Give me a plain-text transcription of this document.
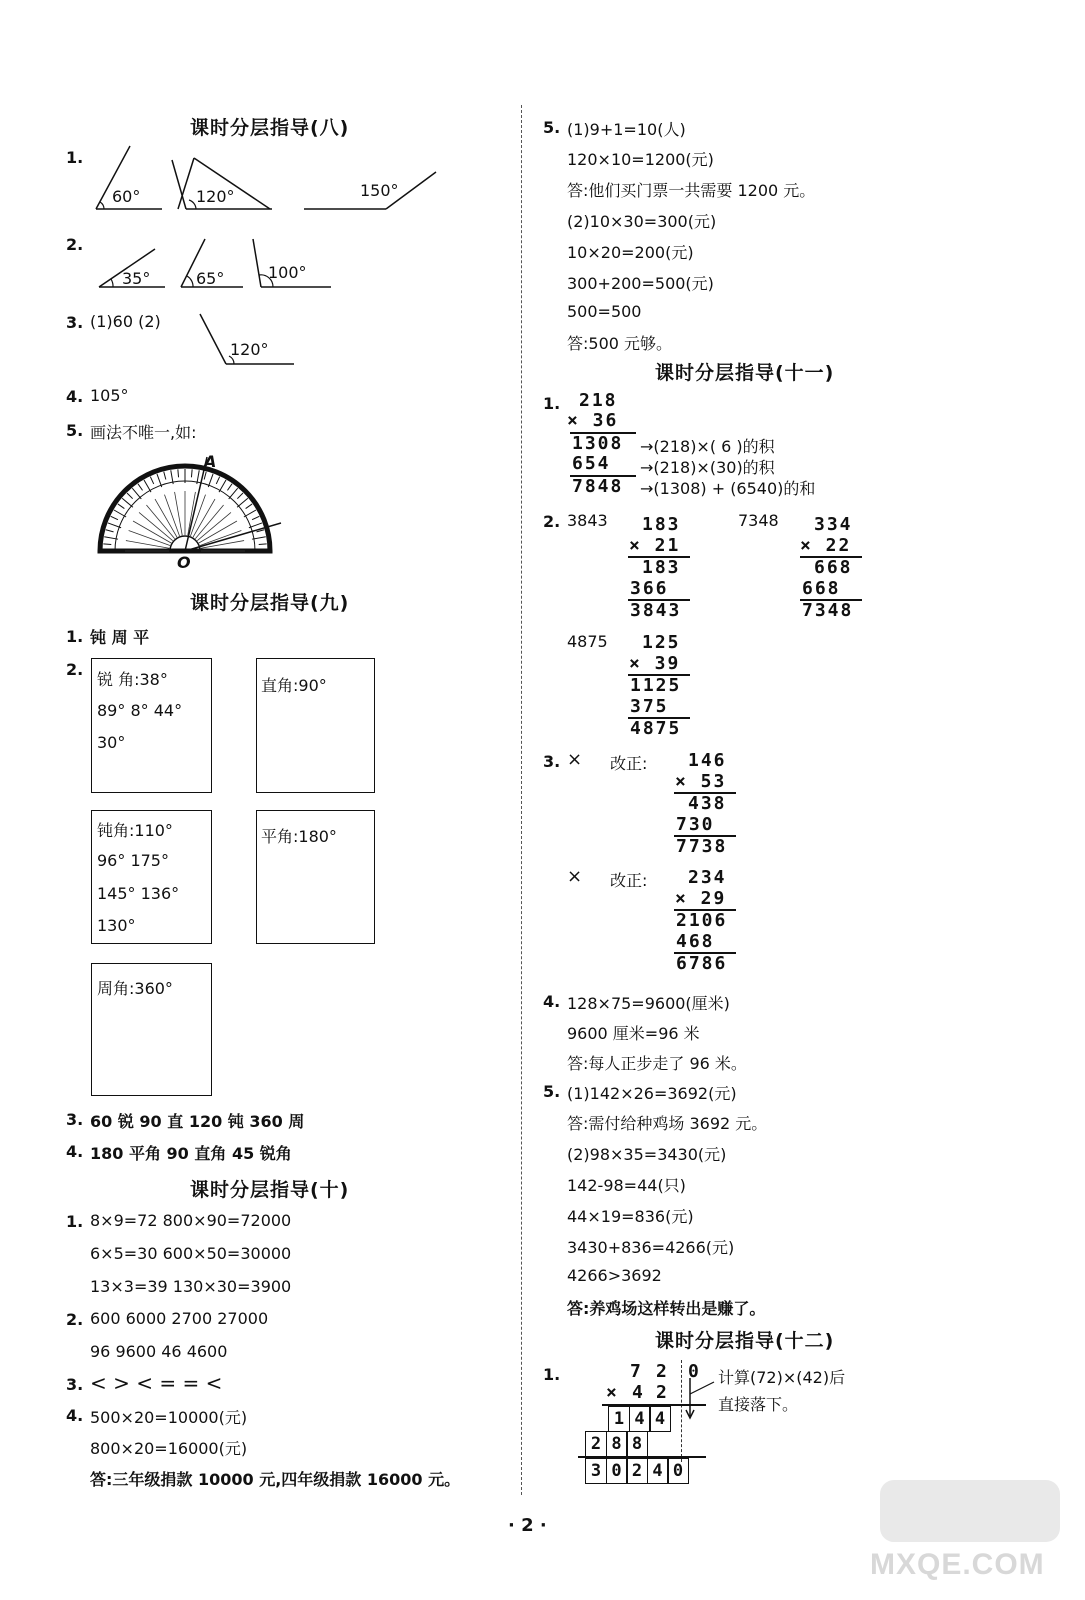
课时分层指导(八)
1.
60°	120°	150°
2.
35°	65°	100°
3. (1)60 (2)
120°
4. 105°
5. 画法不唯一,如:
A
O
课时分层指导(九)
1. 钝 周 平
2.
锐 角:38°
89° 8° 44°
30°
直角:90°
钝角:110°
96° 175°
145° 136°
130°
平角:180°
周角:360°
3. 60 锐 90 直 120 钝 360 周
4. 180 平角 90 直角 45 锐角
课时分层指导(十)
1. 8×9=72 800×90=72000
6×5=30 600×50=30000
13×3=39 130×30=3900
2. 600 6000 2700 27000
96 9600 46 4600
3. < > < = = <
4. 500×20=10000(元)
800×20=16000(元)
答:三年级捐款 10000 元,四年级捐款 16000 元。
5. (1)9+1=10(人)
120×10=1200(元)
答:他们买门票一共需要 1200 元。
(2)10×30=300(元)
10×20=200(元)
300+200=500(元)
500=500
答:500 元够。
课时分层指导(十一)
1. 218
× 36
1308
654
7848
→(218)×( 6 )的积
→(218)×(30)的积
→(1308) + (6540)的和
2. 3843 183
× 21
183
366
3843
7348 334
× 22
668
668
7348
4875 125
× 39
1125
375
4875
3. × 改正: 146
× 53
438
730
7738
× 改正: 234
× 29
2106
468
6786
4. 128×75=9600(厘米)
9600 厘米=96 米
答:每人正步走了 96 米。
5. (1)142×26=3692(元)
答:需付给种鸡场 3692 元。
(2)98×35=3430(元)
142-98=44(只)
44×19=836(元)
3430+836=4266(元)
4266>3692
答:养鸡场这样转出是赚了。
课时分层指导(十二)
1.	7 2 0
× 4 2
计算(72)×(42)后
直接落下。
1 4 4
2 8 8
3 0 2 4 0
· 2 ·
MXQE.COM
